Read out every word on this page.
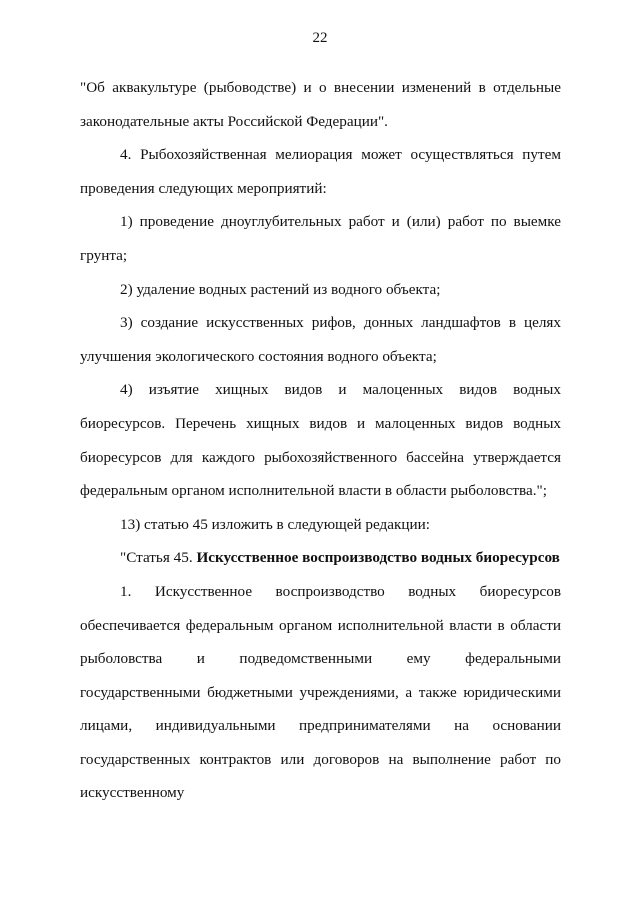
22

"Об аквакультуре (рыбоводстве) и о внесении изменений в отдельные законодательные акты Российской Федерации".

4. Рыбохозяйственная мелиорация может осуществляться путем проведения следующих мероприятий:

1) проведение дноуглубительных работ и (или) работ по выемке грунта;

2) удаление водных растений из водного объекта;

3) создание искусственных рифов, донных ландшафтов в целях улучшения экологического состояния водного объекта;

4) изъятие хищных видов и малоценных видов водных биоресурсов. Перечень хищных видов и малоценных видов водных биоресурсов для каждого рыбохозяйственного бассейна утверждается федеральным органом исполнительной власти в области рыболовства.";

13) статью 45 изложить в следующей редакции:

"Статья 45. Искусственное воспроизводство водных биоресурсов

1. Искусственное воспроизводство водных биоресурсов обеспечивается федеральным органом исполнительной власти в области рыболовства и подведомственными ему федеральными государственными бюджетными учреждениями, а также юридическими лицами, индивидуальными предпринимателями на основании государственных контрактов или договоров на выполнение работ по искусственному
